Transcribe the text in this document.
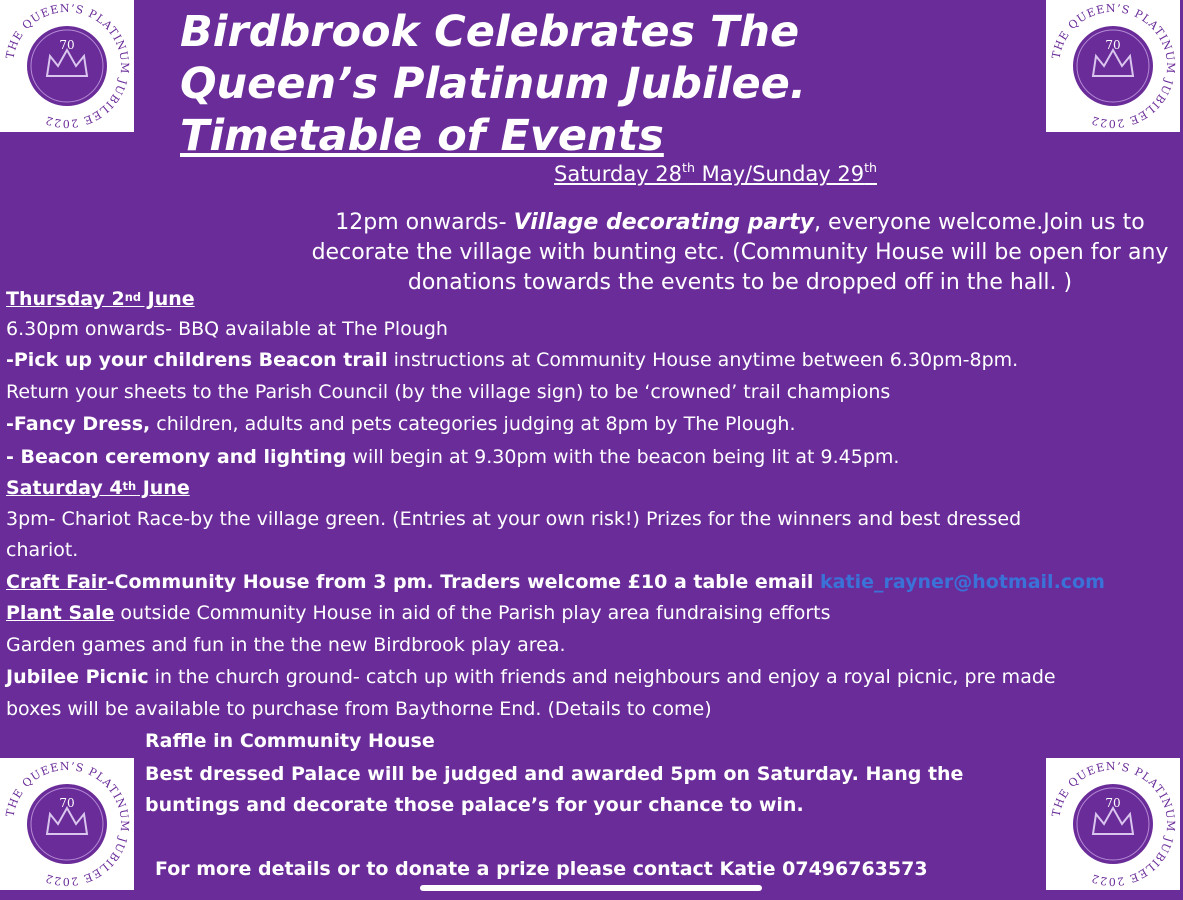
THE QUEEN’S PLATINUM JUBILEE 2022
70
THE QUEEN’S PLATINUM JUBILEE 2022
70
THE QUEEN’S PLATINUM JUBILEE 2022
70
THE QUEEN’S PLATINUM JUBILEE 2022
70
Birdbrook Celebrates The
Queen’s Platinum Jubilee.
Timetable of Events
Saturday 28th May/Sunday 29th
12pm onwards- Village decorating party, everyone welcome.Join us to decorate the village with bunting etc. (Community House will be open for any donations towards the events to be dropped off in the hall. )
Thursday 2nd June
6.30pm onwards- BBQ available at The Plough
-Pick up your childrens Beacon trail instructions at Community House anytime between 6.30pm-8pm.
Return your sheets to the Parish Council (by the village sign) to be ‘crowned’ trail champions
-Fancy Dress, children, adults and pets categories judging at 8pm by The Plough.
- Beacon ceremony and lighting will begin at 9.30pm with the beacon being lit at 9.45pm.
Saturday 4th June
3pm- Chariot Race-by the village green. (Entries at your own risk!) Prizes for the winners and best dressed
chariot.
Craft Fair-Community House from 3 pm. Traders welcome £10 a table email katie_rayner@hotmail.com
Plant Sale outside Community House in aid of the Parish play area fundraising efforts
Garden games and fun in the the new Birdbrook play area.
Jubilee Picnic in the church ground- catch up with friends and neighbours and enjoy a royal picnic, pre made
boxes will be available to purchase from Baythorne End. (Details to come)
Raffle in Community House
Best dressed Palace will be judged and awarded 5pm on Saturday. Hang the
buntings and decorate those palace’s for your chance to win.
For more details or to donate a prize please contact Katie 07496763573
